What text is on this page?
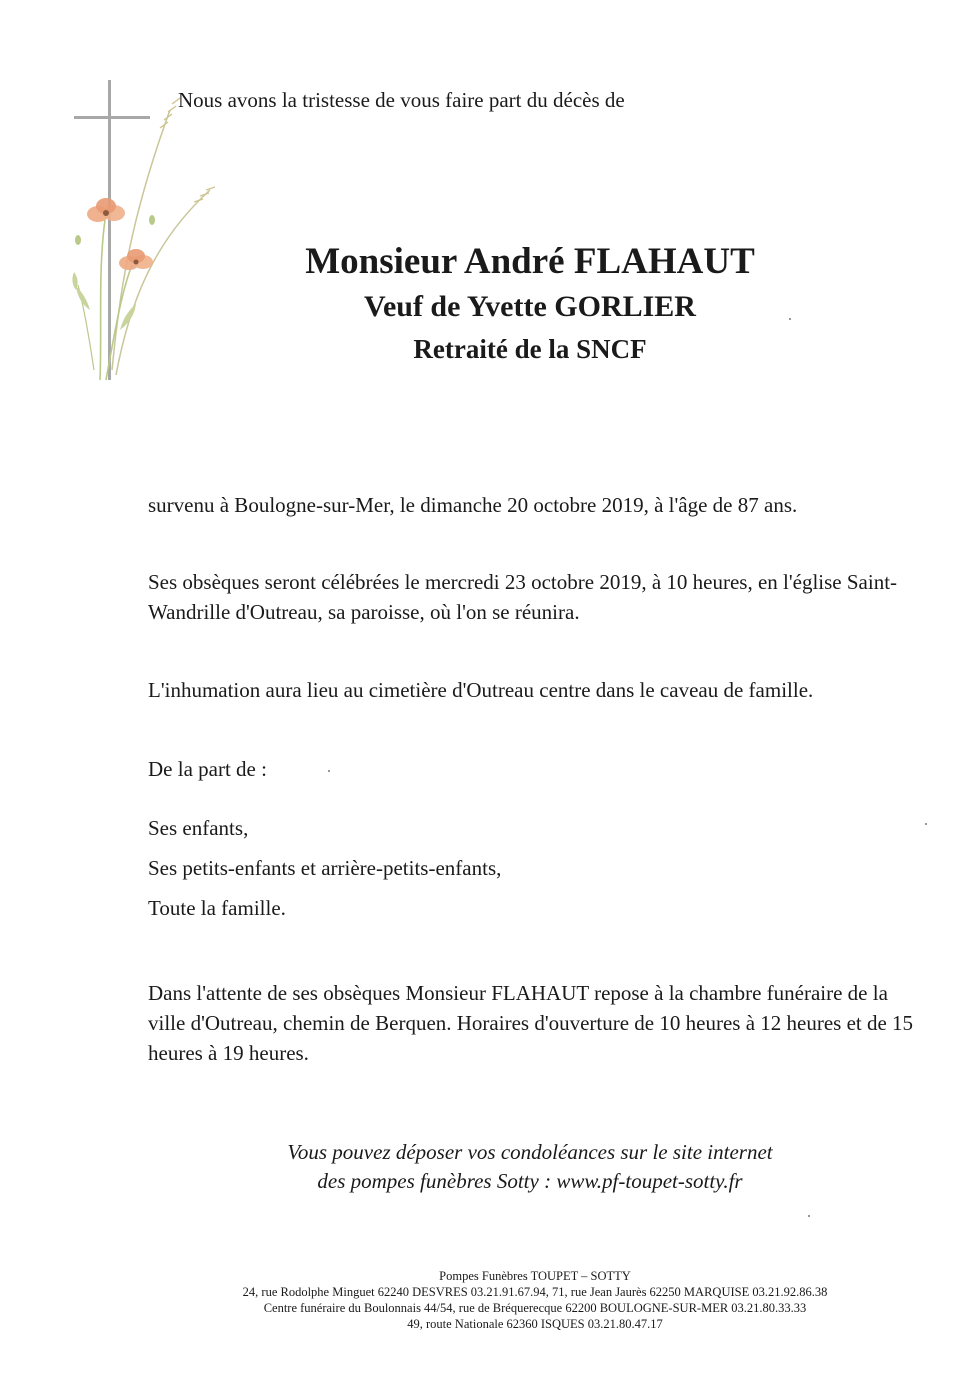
Nous avons la tristesse de vous faire part du décès de

Monsieur André FLAHAUT

Veuf de Yvette GORLIER

Retraité de la SNCF

survenu à Boulogne-sur-Mer, le dimanche 20 octobre 2019, à l'âge de 87 ans.

Ses obsèques seront célébrées le mercredi 23 octobre 2019, à 10 heures, en l'église Saint-Wandrille d'Outreau, sa paroisse, où l'on se réunira.

L'inhumation aura lieu au cimetière d'Outreau centre dans le caveau de famille.

De la part de :

Ses enfants,
Ses petits-enfants et arrière-petits-enfants,
Toute la famille.

Dans l'attente de ses obsèques Monsieur FLAHAUT repose à la chambre funéraire de la ville d'Outreau, chemin de Berquen. Horaires d'ouverture de 10 heures à 12 heures et de 15 heures à 19 heures.

Vous pouvez déposer vos condoléances sur le site internet
des pompes funèbres Sotty : www.pf-toupet-sotty.fr

Pompes Funèbres TOUPET – SOTTY
24, rue Rodolphe Minguet 62240 DESVRES 03.21.91.67.94, 71, rue Jean Jaurès 62250 MARQUISE 03.21.92.86.38
Centre funéraire du Boulonnais 44/54, rue de Bréquerecque 62200 BOULOGNE-SUR-MER 03.21.80.33.33
49, route Nationale 62360 ISQUES 03.21.80.47.17
